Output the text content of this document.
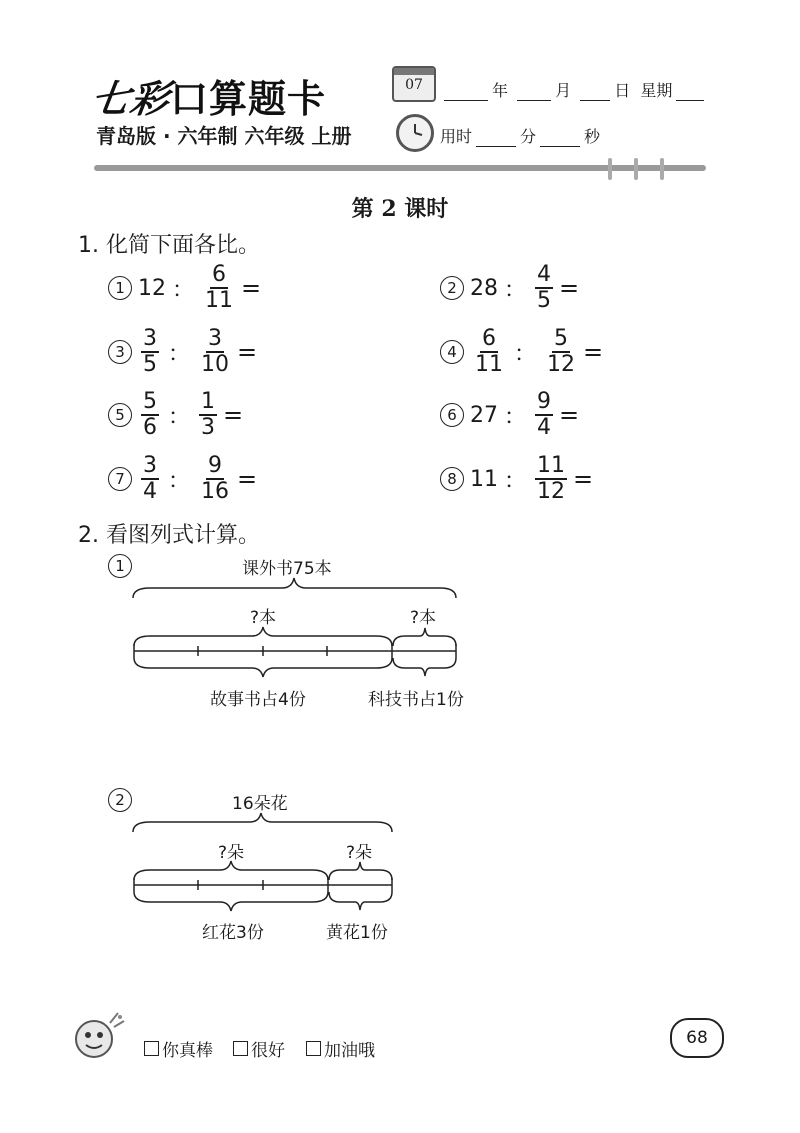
七彩口算题卡
青岛版 · 六年制 六年级 上册
07	年	月	日 星期
用时	分	秒
第 2 课时
1. 化简下面各比。
1 12 ： $\frac{6}{11}$ =	2 28 ： $\frac{4}{5}$ =
$3 \frac{3}{5}$ ： $\frac{3}{10}$ =	$4 \frac{6}{11}$ ： $\frac{5}{12}$ =
$5 \frac{5}{6}$ ： $\frac{1}{3}$ =	6 27 ： $\frac{9}{4}$ =
$7 \frac{3}{4}$ ： $\frac{9}{16}$ =	8 11 ： $\frac{11}{12}$ =
2. 看图列式计算。
1	课外书75本
?本	?本
故事书占4份	科技书占1份
2	16朵花
?朵	?朵
红花3份	黄花1份
你真棒 很好 加油哦
68
